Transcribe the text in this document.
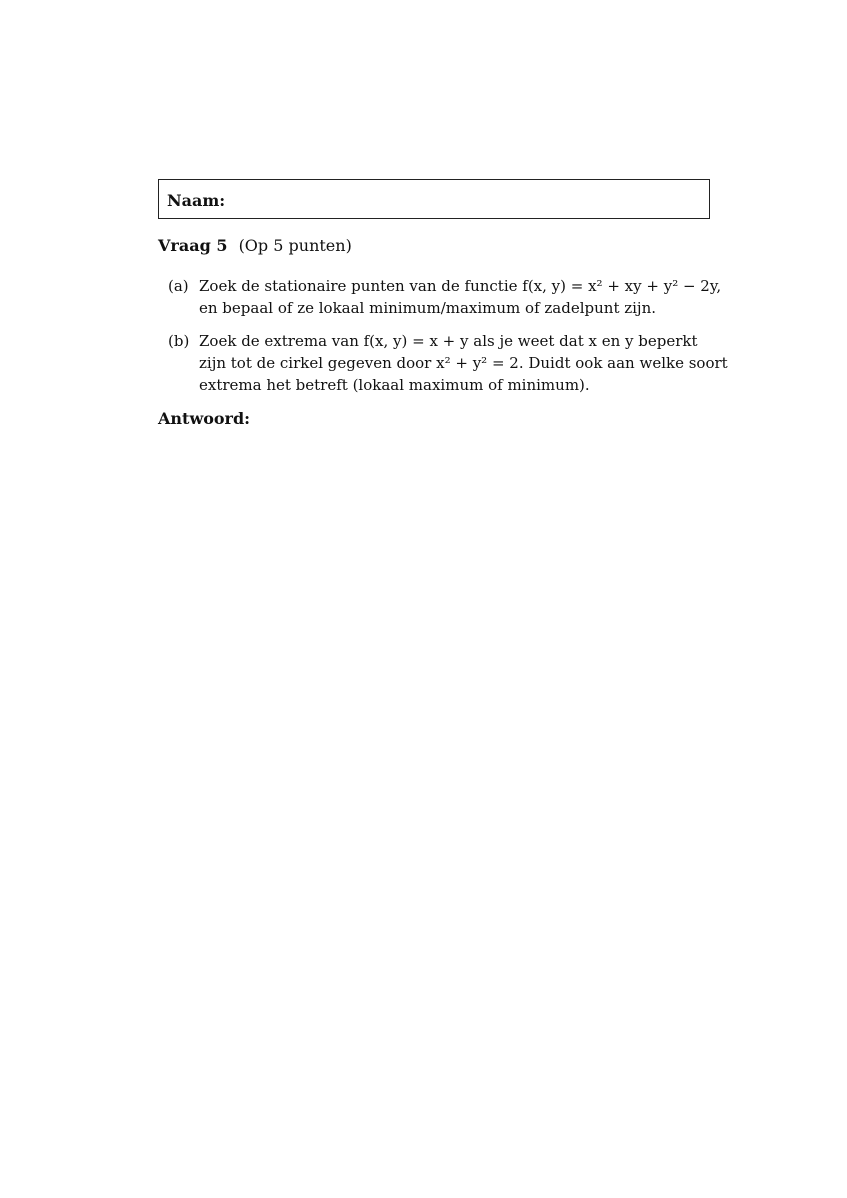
Naam:
Vraag 5 (Op 5 punten)
(a) Zoek de stationaire punten van de functie f(x, y) = x² + xy + y² − 2y,
en bepaal of ze lokaal minimum/maximum of zadelpunt zijn.
(b) Zoek de extrema van f(x, y) = x + y als je weet dat x en y beperkt
zijn tot de cirkel gegeven door x² + y² = 2. Duidt ook aan welke soort
extrema het betreft (lokaal maximum of minimum).
Antwoord:
